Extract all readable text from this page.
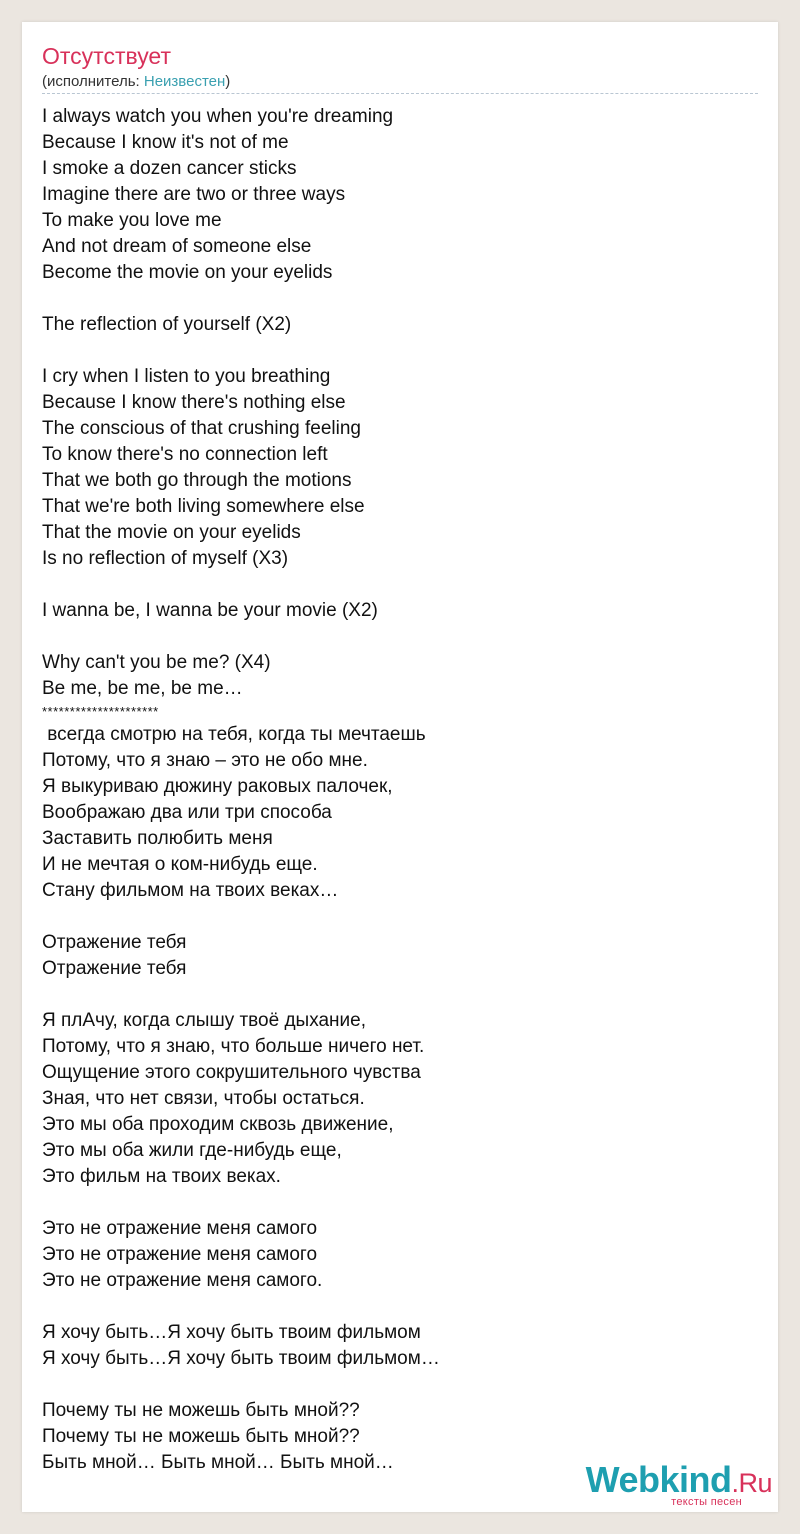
Отсутствует
(исполнитель: Неизвестен)
I always watch you when you're dreaming
Because I know it's not of me
I smoke a dozen cancer sticks
Imagine there are two or three ways
To make you love me
And not dream of someone else
Become the movie on your eyelids
The reflection of yourself (X2)
I cry when I listen to you breathing
Because I know there's nothing else
The conscious of that crushing feeling
To know there's no connection left
That we both go through the motions
That we're both living somewhere else
That the movie on your eyelids
Is no reflection of myself (X3)
I wanna be, I wanna be your movie (X2)
Why can't you be me? (X4)
Be me, be me, be me…
*********************
всегда смотрю на тебя, когда ты мечтаешь
Потому, что я знаю – это не обо мне.
Я выкуриваю дюжину раковых палочек,
Воображаю два или три способа
Заставить полюбить меня
И не мечтая о ком-нибудь еще.
Стану фильмом на твоих веках…
Отражение тебя
Отражение тебя
Я плАчу, когда слышу твоё дыхание,
Потому, что я знаю, что больше ничего нет.
Ощущение этого сокрушительного чувства
Зная, что нет связи, чтобы остаться.
Это мы оба проходим сквозь движение,
Это мы оба жили где-нибудь еще,
Это фильм на твоих веках.
Это не отражение меня самого
Это не отражение меня самого
Это не отражение меня самого.
Я хочу быть…Я хочу быть твоим фильмом
Я хочу быть…Я хочу быть твоим фильмом…
Почему ты не можешь быть мной??
Почему ты не можешь быть мной??
Быть мной… Быть мной… Быть мной…	Webkind.Ru
тексты песен
